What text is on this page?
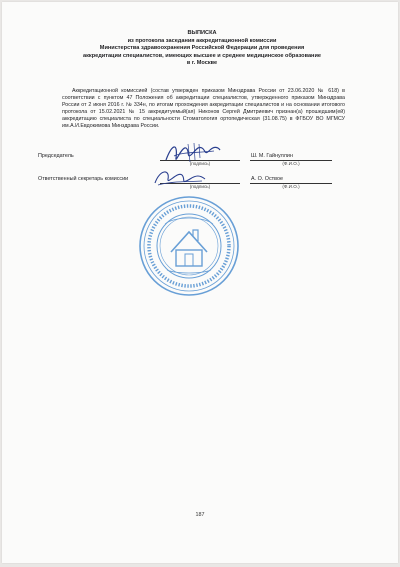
ВЫПИСКА
из протокола заседания аккредитационной комиссии
Министерства здравоохранения Российской Федерации для проведения
аккредитации специалистов, имеющих высшее и среднее медицинское образование
в г. Москве
Аккредитационной комиссией (состав утвержден приказом Минздрава России от 23.06.2020 № 618) в соответствии с пунктом 47 Положения об аккредитации специалистов, утвержденного приказом Минздрава России от 2 июня 2016 г. № 334н, по итогам прохождения аккредитации специалистов и на основании итогового протокола от 15.02.2021 № 15 аккредитуемый(ая) Никонов Сергей Дмитриевич признан(а) прошедшим(ей) аккредитацию специалиста по специальности Стоматология ортопедическая (31.08.75) в ФГБОУ ВО МГМСУ им.А.И.Евдокимова Минздрава России.
Председатель
(подпись)
Ш. М. Гайнуллин
(Ф.И.О.)
Ответственный секретарь комиссии
(подпись)
А. О. Оствое
(Ф.И.О.)
187
